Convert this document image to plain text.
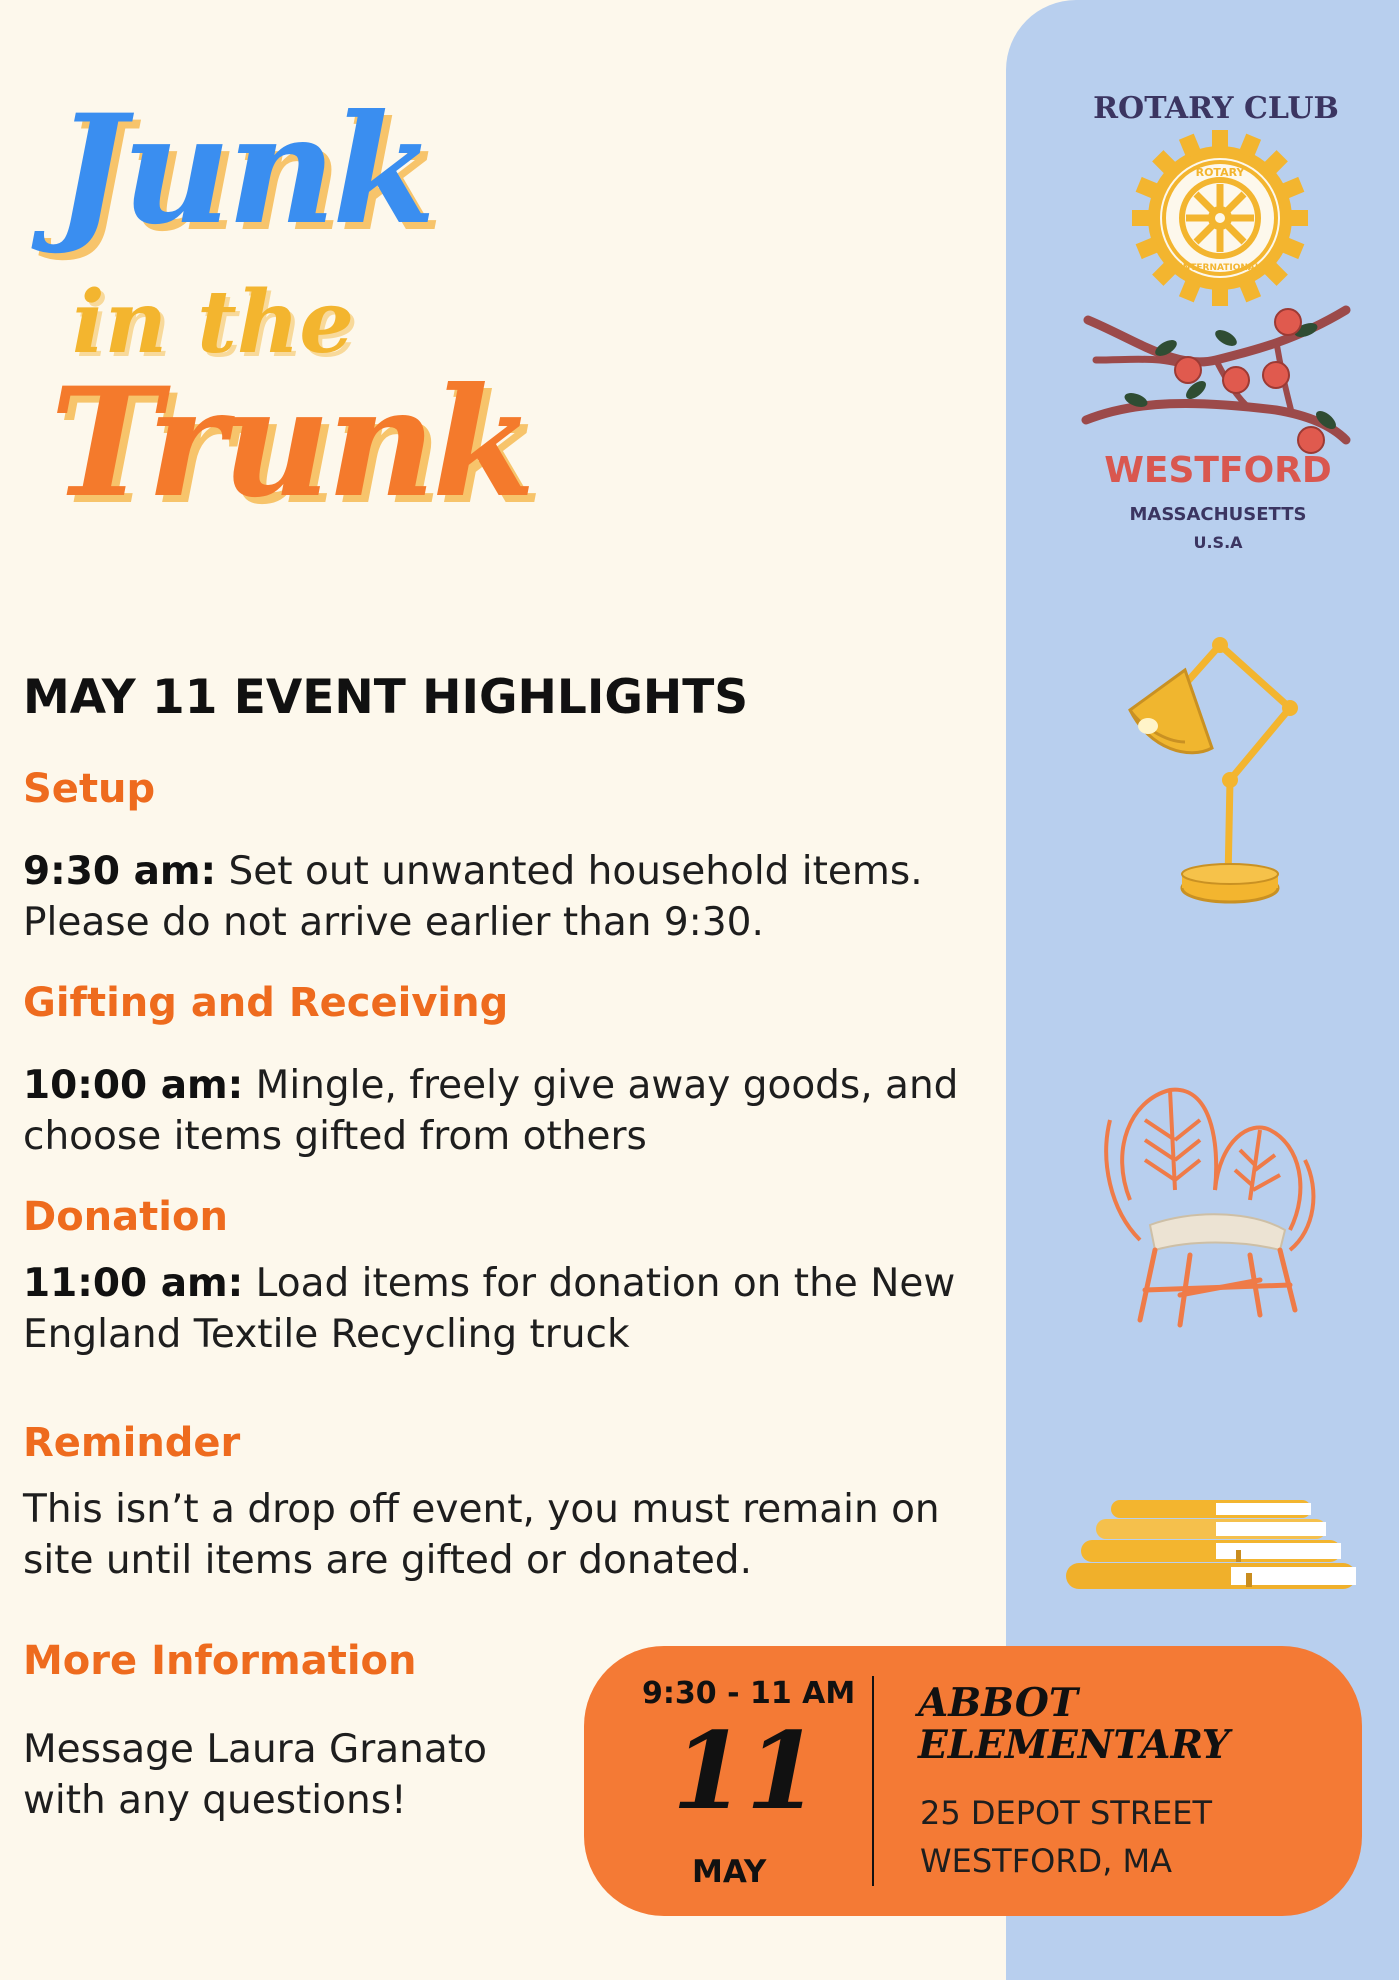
Junk
in the
Trunk
ROTARY CLUB
ROTARY
INTERNATIONAL
WESTFORD
MASSACHUSETTS
U.S.A
MAY 11 EVENT HIGHLIGHTS
Setup

9:30 am: Set out unwanted household items. Please do not arrive earlier than 9:30.

Gifting and Receiving

10:00 am: Mingle, freely give away goods, and choose items gifted from others

Donation

11:00 am: Load items for donation on the New England Textile Recycling truck

Reminder

This isn’t a drop off event, you must remain on site until items are gifted or donated.

More Information

Message Laura Granato with any questions!

9:30 - 11 AM
11
MAY

ABBOT ELEMENTARY

25 DEPOT STREET
WESTFORD, MA
